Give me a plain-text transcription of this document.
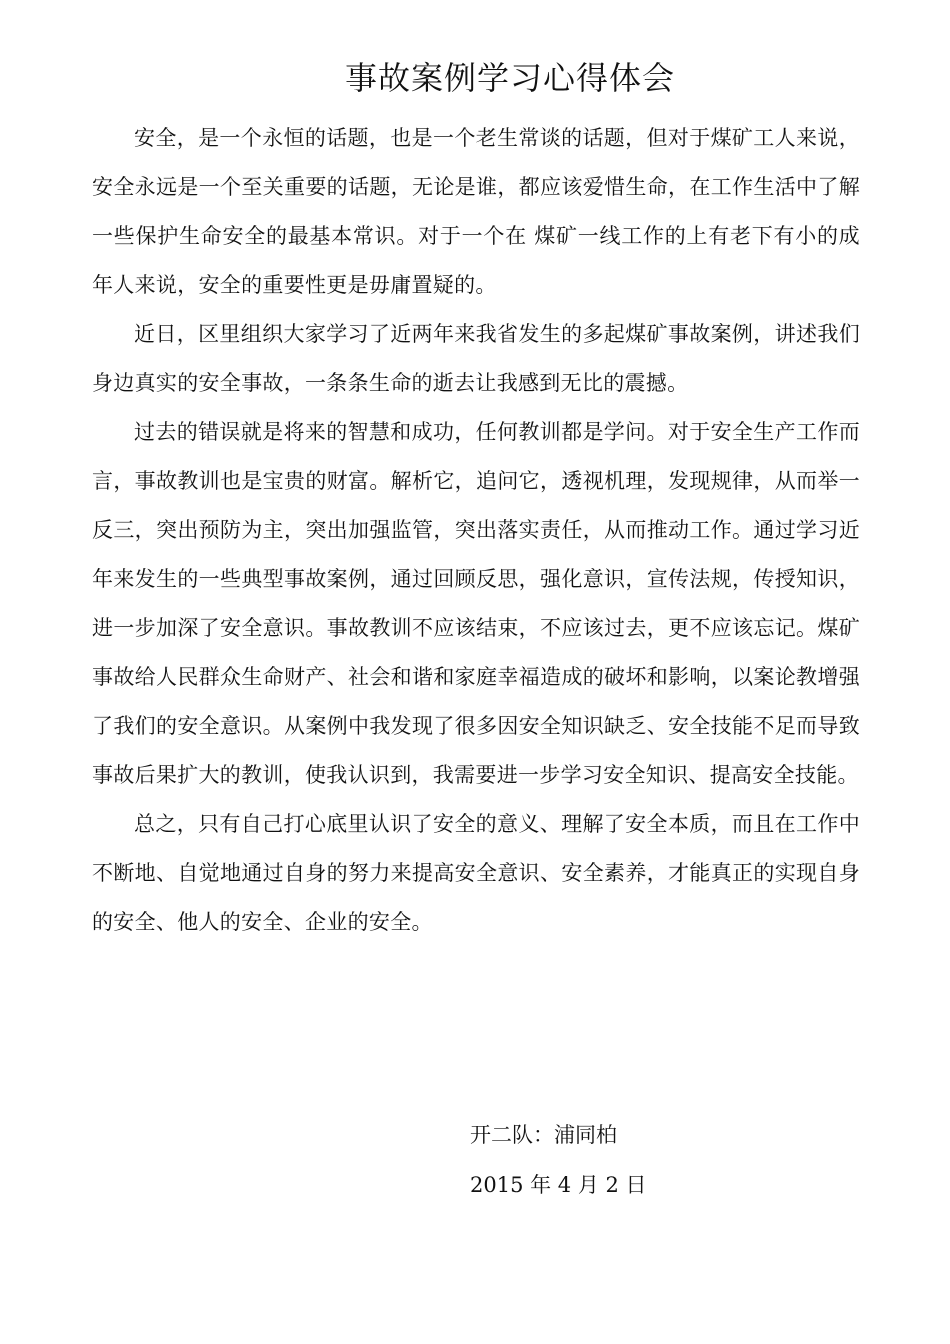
事故案例学习心得体会

安全，是一个永恒的话题，也是一个老生常谈的话题，但对于煤矿工人来说，安全永远是一个至关重要的话题，无论是谁，都应该爱惜生命，在工作生活中了解一些保护生命安全的最基本常识。对于一个在 煤矿一线工作的上有老下有小的成年人来说，安全的重要性更是毋庸置疑的。

近日，区里组织大家学习了近两年来我省发生的多起煤矿事故案例，讲述我们身边真实的安全事故，一条条生命的逝去让我感到无比的震撼。

过去的错误就是将来的智慧和成功，任何教训都是学问。对于安全生产工作而言，事故教训也是宝贵的财富。解析它，追问它，透视机理，发现规律，从而举一反三，突出预防为主，突出加强监管，突出落实责任，从而推动工作。通过学习近年来发生的一些典型事故案例，通过回顾反思，强化意识，宣传法规，传授知识，进一步加深了安全意识。事故教训不应该结束，不应该过去，更不应该忘记。煤矿事故给人民群众生命财产、社会和谐和家庭幸福造成的破坏和影响，以案论教增强了我们的安全意识。从案例中我发现了很多因安全知识缺乏、安全技能不足而导致事故后果扩大的教训，使我认识到，我需要进一步学习安全知识、提高安全技能。

总之，只有自己打心底里认识了安全的意义、理解了安全本质，而且在工作中不断地、自觉地通过自身的努力来提高安全意识、安全素养，才能真正的实现自身的安全、他人的安全、企业的安全。

开二队：浦同柏

2015 年 4 月 2 日
